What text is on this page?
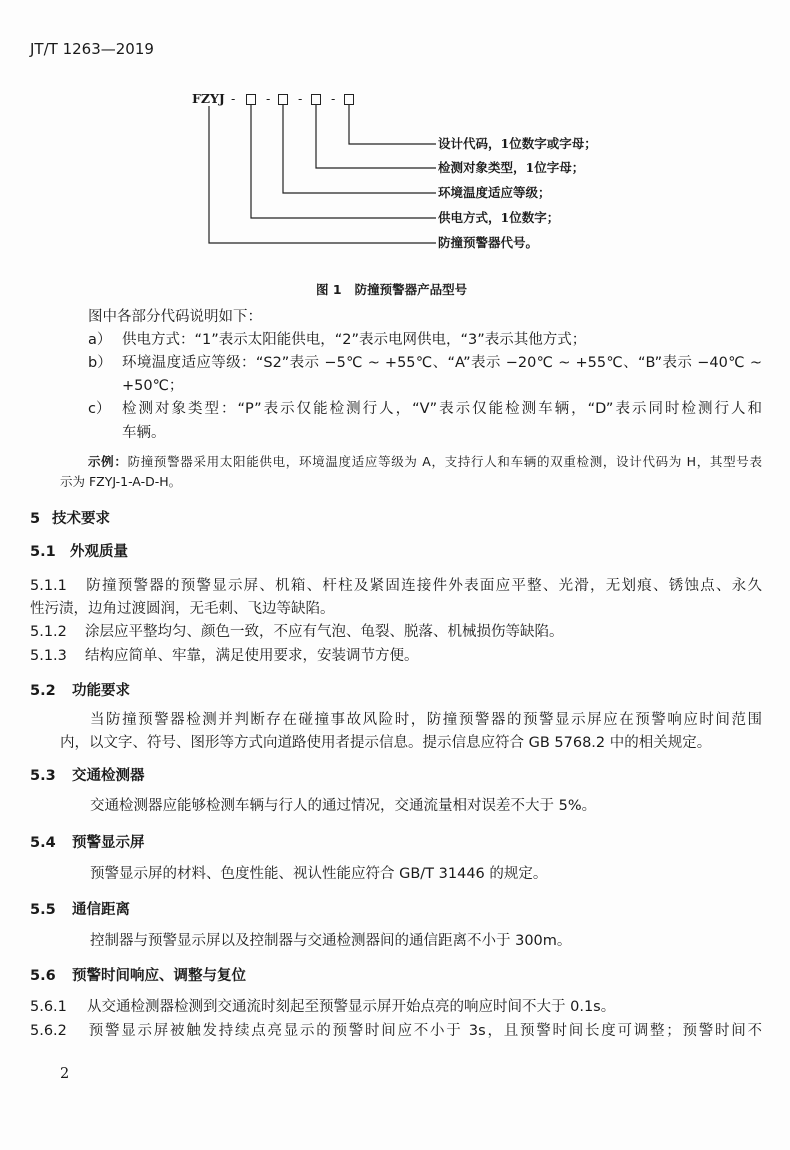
JT/T 1263—2019
FZYJ -	- - -
设计代码，1位数字或字母；
检测对象类型，1位字母；
环境温度适应等级；
供电方式，1位数字；
防撞预警器代号。
图 1 防撞预警器产品型号
图中各部分代码说明如下：
a） 供电方式：“1”表示太阳能供电，“2”表示电网供电，“3”表示其他方式；
b） 环境温度适应等级：“S2”表示 −5℃ ~ +55℃、“A”表示 −20℃ ~ +55℃、“B”表示 −40℃ ~
+50℃；
c） 检测对象类型：“P”表示仅能检测行人，“V”表示仅能检测车辆，“D”表示同时检测行人和
车辆。
示例：防撞预警器采用太阳能供电，环境温度适应等级为 A，支持行人和车辆的双重检测，设计代码为 H，其型号表
示为 FZYJ-1-A-D-H。
5 技术要求
5.1 外观质量
5.1.1 防撞预警器的预警显示屏、机箱、杆柱及紧固连接件外表面应平整、光滑，无划痕、锈蚀点、永久
性污渍，边角过渡圆润，无毛刺、飞边等缺陷。
5.1.2 涂层应平整均匀、颜色一致，不应有气泡、龟裂、脱落、机械损伤等缺陷。
5.1.3 结构应简单、牢靠，满足使用要求，安装调节方便。
5.2 功能要求
当防撞预警器检测并判断存在碰撞事故风险时，防撞预警器的预警显示屏应在预警响应时间范围
内，以文字、符号、图形等方式向道路使用者提示信息。提示信息应符合 GB 5768.2 中的相关规定。
5.3 交通检测器
交通检测器应能够检测车辆与行人的通过情况，交通流量相对误差不大于 5%。
5.4 预警显示屏
预警显示屏的材料、色度性能、视认性能应符合 GB/T 31446 的规定。
5.5 通信距离
控制器与预警显示屏以及控制器与交通检测器间的通信距离不小于 300m。
5.6 预警时间响应、调整与复位
5.6.1 从交通检测器检测到交通流时刻起至预警显示屏开始点亮的响应时间不大于 0.1s。
5.6.2 预警显示屏被触发持续点亮显示的预警时间应不小于 3s，且预警时间长度可调整；预警时间不
2
